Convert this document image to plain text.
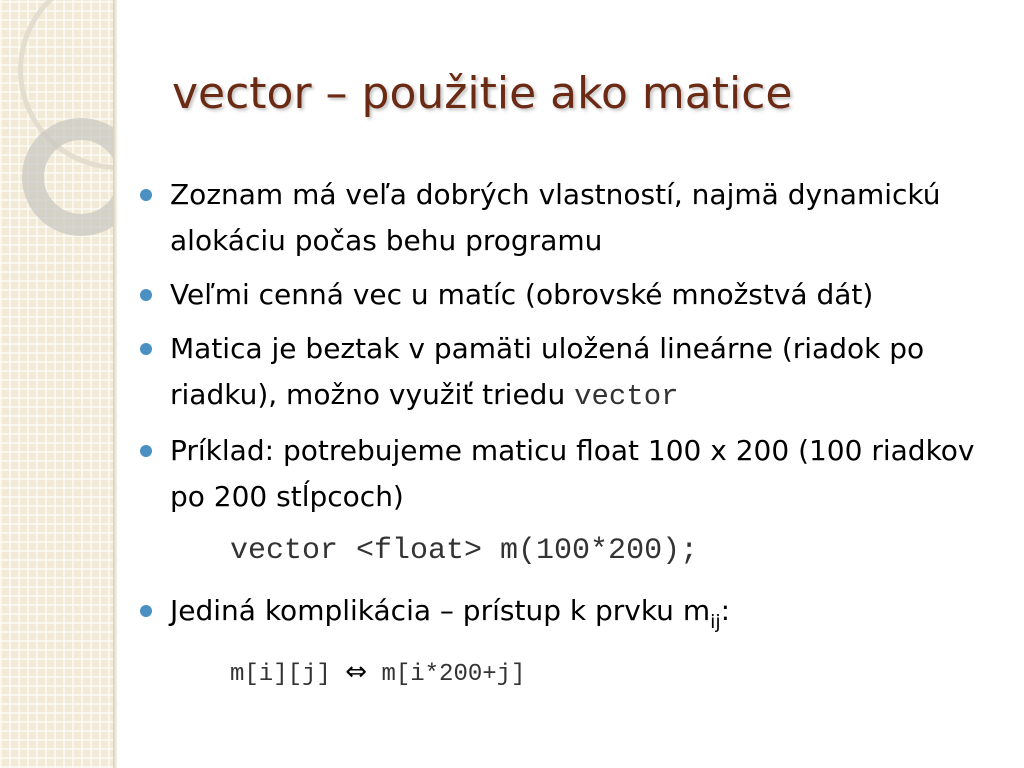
vector – použitie ako matice
Zoznam má veľa dobrých vlastností, najmä dynamickú alokáciu počas behu programu
Veľmi cenná vec u matíc (obrovské množstvá dát)
Matica je beztak v pamäti uložená lineárne (riadok po riadku), možno využiť triedu vector
Príklad: potrebujeme maticu float 100 x 200 (100 riadkov po 200 stĺpcoch)
vector <float> m(100*200);
Jediná komplikácia – prístup k prvku $m_{ij}$:
m[i][j] ⇔ m[i*200+j]
